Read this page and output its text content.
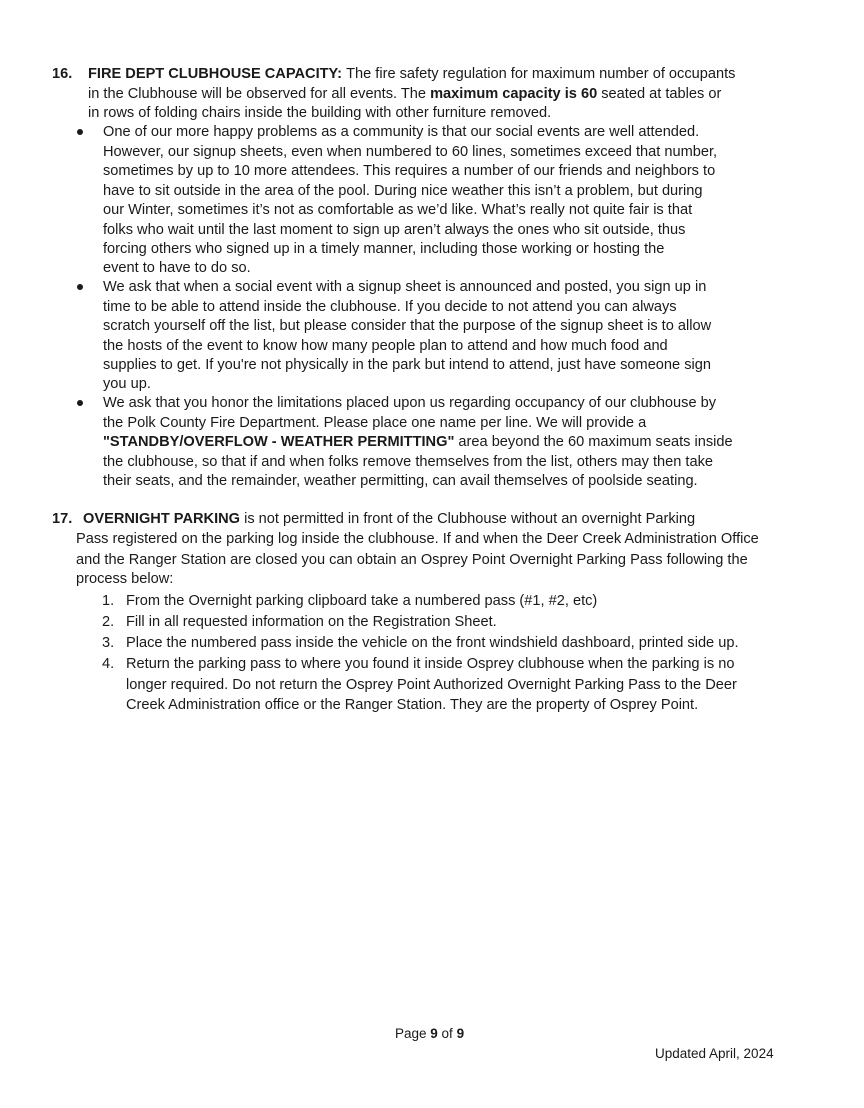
16. FIRE DEPT CLUBHOUSE CAPACITY: The fire safety regulation for maximum number of occupants
in the Clubhouse will be observed for all events. The maximum capacity is 60 seated at tables or
in rows of folding chairs inside the building with other furniture removed.
One of our more happy problems as a community is that our social events are well attended.
However, our signup sheets, even when numbered to 60 lines, sometimes exceed that number,
sometimes by up to 10 more attendees. This requires a number of our friends and neighbors to
have to sit outside in the area of the pool. During nice weather this isn’t a problem, but during
our Winter, sometimes it’s not as comfortable as we’d like. What’s really not quite fair is that
folks who wait until the last moment to sign up aren’t always the ones who sit outside, thus
forcing others who signed up in a timely manner, including those working or hosting the
event to have to do so.
We ask that when a social event with a signup sheet is announced and posted, you sign up in
time to be able to attend inside the clubhouse. If you decide to not attend you can always
scratch yourself off the list, but please consider that the purpose of the signup sheet is to allow
the hosts of the event to know how many people plan to attend and how much food and
supplies to get. If you're not physically in the park but intend to attend, just have someone sign
you up.
We ask that you honor the limitations placed upon us regarding occupancy of our clubhouse by
the Polk County Fire Department. Please place one name per line. We will provide a
"STANDBY/OVERFLOW - WEATHER PERMITTING" area beyond the 60 maximum seats inside
the clubhouse, so that if and when folks remove themselves from the list, others may then take
their seats, and the remainder, weather permitting, can avail themselves of poolside seating.
17. OVERNIGHT PARKING is not permitted in front of the Clubhouse without an overnight Parking
Pass registered on the parking log inside the clubhouse. If and when the Deer Creek Administration Office
and the Ranger Station are closed you can obtain an Osprey Point Overnight Parking Pass following the
process below:
1. From the Overnight parking clipboard take a numbered pass (#1, #2, etc)
2. Fill in all requested information on the Registration Sheet.
3. Place the numbered pass inside the vehicle on the front windshield dashboard, printed side up.
4. Return the parking pass to where you found it inside Osprey clubhouse when the parking is no
longer required. Do not return the Osprey Point Authorized Overnight Parking Pass to the Deer
Creek Administration office or the Ranger Station. They are the property of Osprey Point.
Page 9 of 9
Updated April, 2024
